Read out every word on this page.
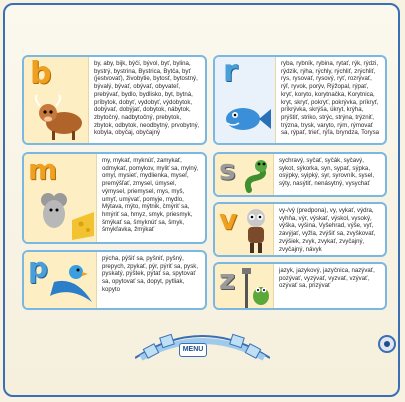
b	by, aby, bijk, býčí, bývol, byť, bylina, bystrý, bystrina, Bystrica, Bytča, byť (jestvovať), živobytie, bytosť, bytostný, bývalý, bývať, obývať, obyvateľ, prebývať, bydlo, bydlisko, byt, bytná, príbytok, dobyť, vydobyť, výdobytok, dobývať, dobýjať, dobytok, nábytok, zbytočný, nadbytočný, prebytok, zbytok, odbytok, neodbytný, prvobytný, kobyla, obyčaj, obyčajný
r	ryba, rybník, rybina, rytať, rýk, rýdzi, rýdzik, rýha, rýchly, rýchliť, zrýchliť, rys, rysovať, rysový, ryť, rozrývať, rýľ, ryvok, porýv, Rýžopal, rýpať, kryť, koryto, korytnačka, Korytnica, kryt, skryť, pokryť, pokrývka, príkryť, príkrývka, skrýša, úkryt, krýha, prýštiť, striko, strýc, strýna, trýzniť, trýzna, trysk, varyto, rým, rýmovať sa, rýpať, trieť, rýľa, bryndza, Torysa
m	my, mykať, myknúť, zamykať, odmykať, pomykov, myliť sa, mylný, omyl, mysieť, mydlienka, myseľ, premýšľať, zmysel, úmysel, výmysel, priemysel, mys, myš, umyť, umývať, pomyje, mydlo, Mýtava, mýto, mýtnik, čmýriť sa, hmýriť sa, hmyz, smyk, priesmyk, šmýkať sa, šmyknúť sa, šmyk, šmykľavka, žmýkať
s	sychravý, syčať, syčák, syčavý, sykot, sýkorka, syn, sypať, sýpka, osýpky, syipký, syr, syrovník, sysel, sýty, nasýtiť, nenásytný, vysychať
v	vy-/vý (predpona), vy, vykať, výdra, vyhňa, výr, výskať, výskol, vysoký, výška, vyšina, Vyšehrad, výše, vyť, zavýjať, vyžla, zvýšiť sa, zvyškovať, zvýšiek, zvyk, zvykať, zvyčajný, zvyčajný, návyk
p	pýcha, pýšiť sa, pyšniť, pyšný, prepych, zpykať, pýr, pýriť sa, pysk, pyskatý, pýštek, pýtať sa, spytovať sa, opytovať sa, dopyt, pytliak, kopyto	z	jazyk, jazykový, jazyčnica, nazývať, pozývať, vyzývať, vyzvať, vzývať, ozývať sa, prizývať
MENU
